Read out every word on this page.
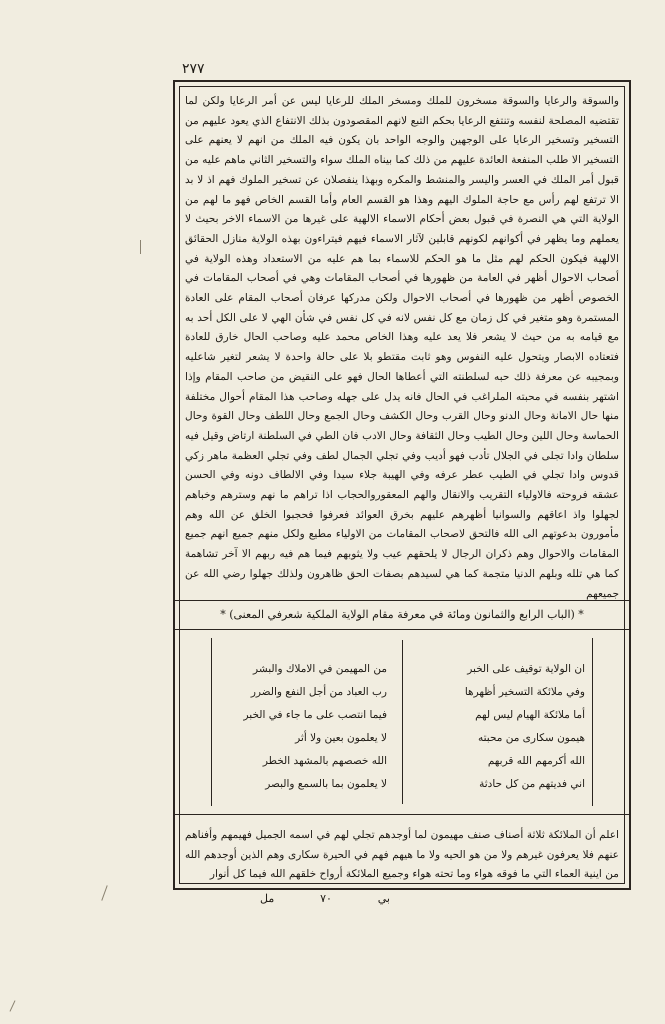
٢٧٧
والسوقة والرعايا والسوقة مسخرون للملك ومسخر الملك للرعايا ليس عن أمر الرعايا ولكن لما تقتضيه المصلحة لنفسه وتنتفع الرعايا بحكم التبع لانهم المقصودون بذلك الانتفاع الذي يعود عليهم من التسخير وتسخير الرعايا على الوجهين والوجه الواحد بان يكون فيه الملك من انهم لا يعنهم على التسخير الا طلب المنفعة العائدة عليهم من ذلك كما بيناه الملك سواء والتسخير الثاني ماهم عليه من قبول أمر الملك في العسر واليسر والمنشط والمكره وبهذا ينفصلان عن تسخير الملوك فهم اذ لا بد الا ترتفع لهم رأس مع حاجة الملوك اليهم وهذا هو القسم العام وأما القسم الخاص فهو ما لهم من الولاية التي هي النصرة في قبول بعض أحكام الاسماء الالهية على غيرها من الاسماء الاخر بحيث لا يعملهم وما يظهر في أكوانهم لكونهم قابلين لآثار الاسماء فيهم فيتراءون بهذه الولاية منازل الحقائق الالهية فيكون الحكم لهم مثل ما هو الحكم للاسماء بما هم عليه من الاستعداد وهذه الولاية في أصحاب الاحوال أظهر في العامة من ظهورها في أصحاب المقامات وهي في أصحاب المقامات في الخصوص أظهر من ظهورها في أصحاب الاحوال ولكن مدركها عرفان أصحاب المقام على العادة المستمرة وهو متغير في كل زمان مع كل نفس لانه في كل نفس في شأن الهي لا على الكل أحد به مع قيامه به من حيث لا يشعر فلا يعد عليه وهذا الخاص محمد عليه وصاحب الحال خارق للعادة فتعتاده الابصار ويتحول عليه النفوس وهو ثابت مقتطو بلا على حالة واحدة لا يشعر لتغير شاعليه وبمجيبه عن معرفة ذلك حبه لسلطنته التي أعطاها الحال فهو على النقيض من صاحب المقام وإذا اشتهر بنفسه في محبته الملراغب في الحال فانه يدل على جهله وصاحب هذا المقام أحوال مختلفة منها حال الامانة وحال الدنو وحال القرب وحال الكشف وحال الجمع وحال اللطف وحال القوة وحال الحماسة وحال اللين وحال الطيب وحال الثقافة وحال الادب فان الطي في السلطنة ارتاض وقيل فيه سلطان وادا تجلى في الجلال تأدب فهو أديب وفي تجلي الجمال لطف وفي تجلي العظمة ماهر زكي قدوس وادا تجلي في الطيب عطر عرفه وفي الهيبة جلاء سيدا وفي الالطاف دونه وفي الحسن عشقه فروحته فالاولياء التقريب والانقال والهم المعقوروالحجاب اذا تراهم ما نهم وسترهم وخباهم لجهلوا واذ اعاقهم والسوانيا أظهرهم عليهم بخرق العوائد فعرفوا فحجبوا الخلق عن الله وهم مأمورون بدعوتهم الى الله فالتحق لاصحاب المقامات من الاولياء مطيع ولكل منهم جميع انهم جميع المقامات والاحوال وهم ذكران الرجال لا يلحقهم عيب ولا يثوبهم فيما هم فيه ربهم الا آخر تشاهمة كما هي تلله وبلهم الدنيا متجمة كما هي لسيدهم بصفات الحق ظاهرون ولذلك جهلوا رضي الله عن جميعهم
* (الباب الرابع والثمانون ومائة في معرفة مقام الولاية الملكية شعرفي المعنى) *
ان الولاية توقيف على الخبر
وفي ملائكة التسخير أظهرها
أما ملائكة الهيام ليس لهم
هيمون سكارى من محبته
الله أكرمهم الله قربهم
اني فديتهم من كل حادثة
من المهيمن في الاملاك والبشر
رب العباد من أجل النفع والضرر
فيما انتصب على ما جاء في الخبر
لا يعلمون بعين ولا أثر
الله خصصهم بالمشهد الخطر
لا يعلمون بما بالسمع والبصر
اعلم أن الملائكة ثلاثة أصناف صنف مهيمون لما أوجدهم تجلي لهم في اسمه الجميل فهيمهم وأفناهم عنهم فلا يعرفون غيرهم ولا من هو الحيه ولا ما هيهم فهم في الحيرة سكارى وهم الذين أوجدهم الله من اينية العماء التي ما فوقه هواء وما تحته هواء وجميع الملائكة أرواح خلقهم الله فيما كل أنوار
مل	٧٠	بي
